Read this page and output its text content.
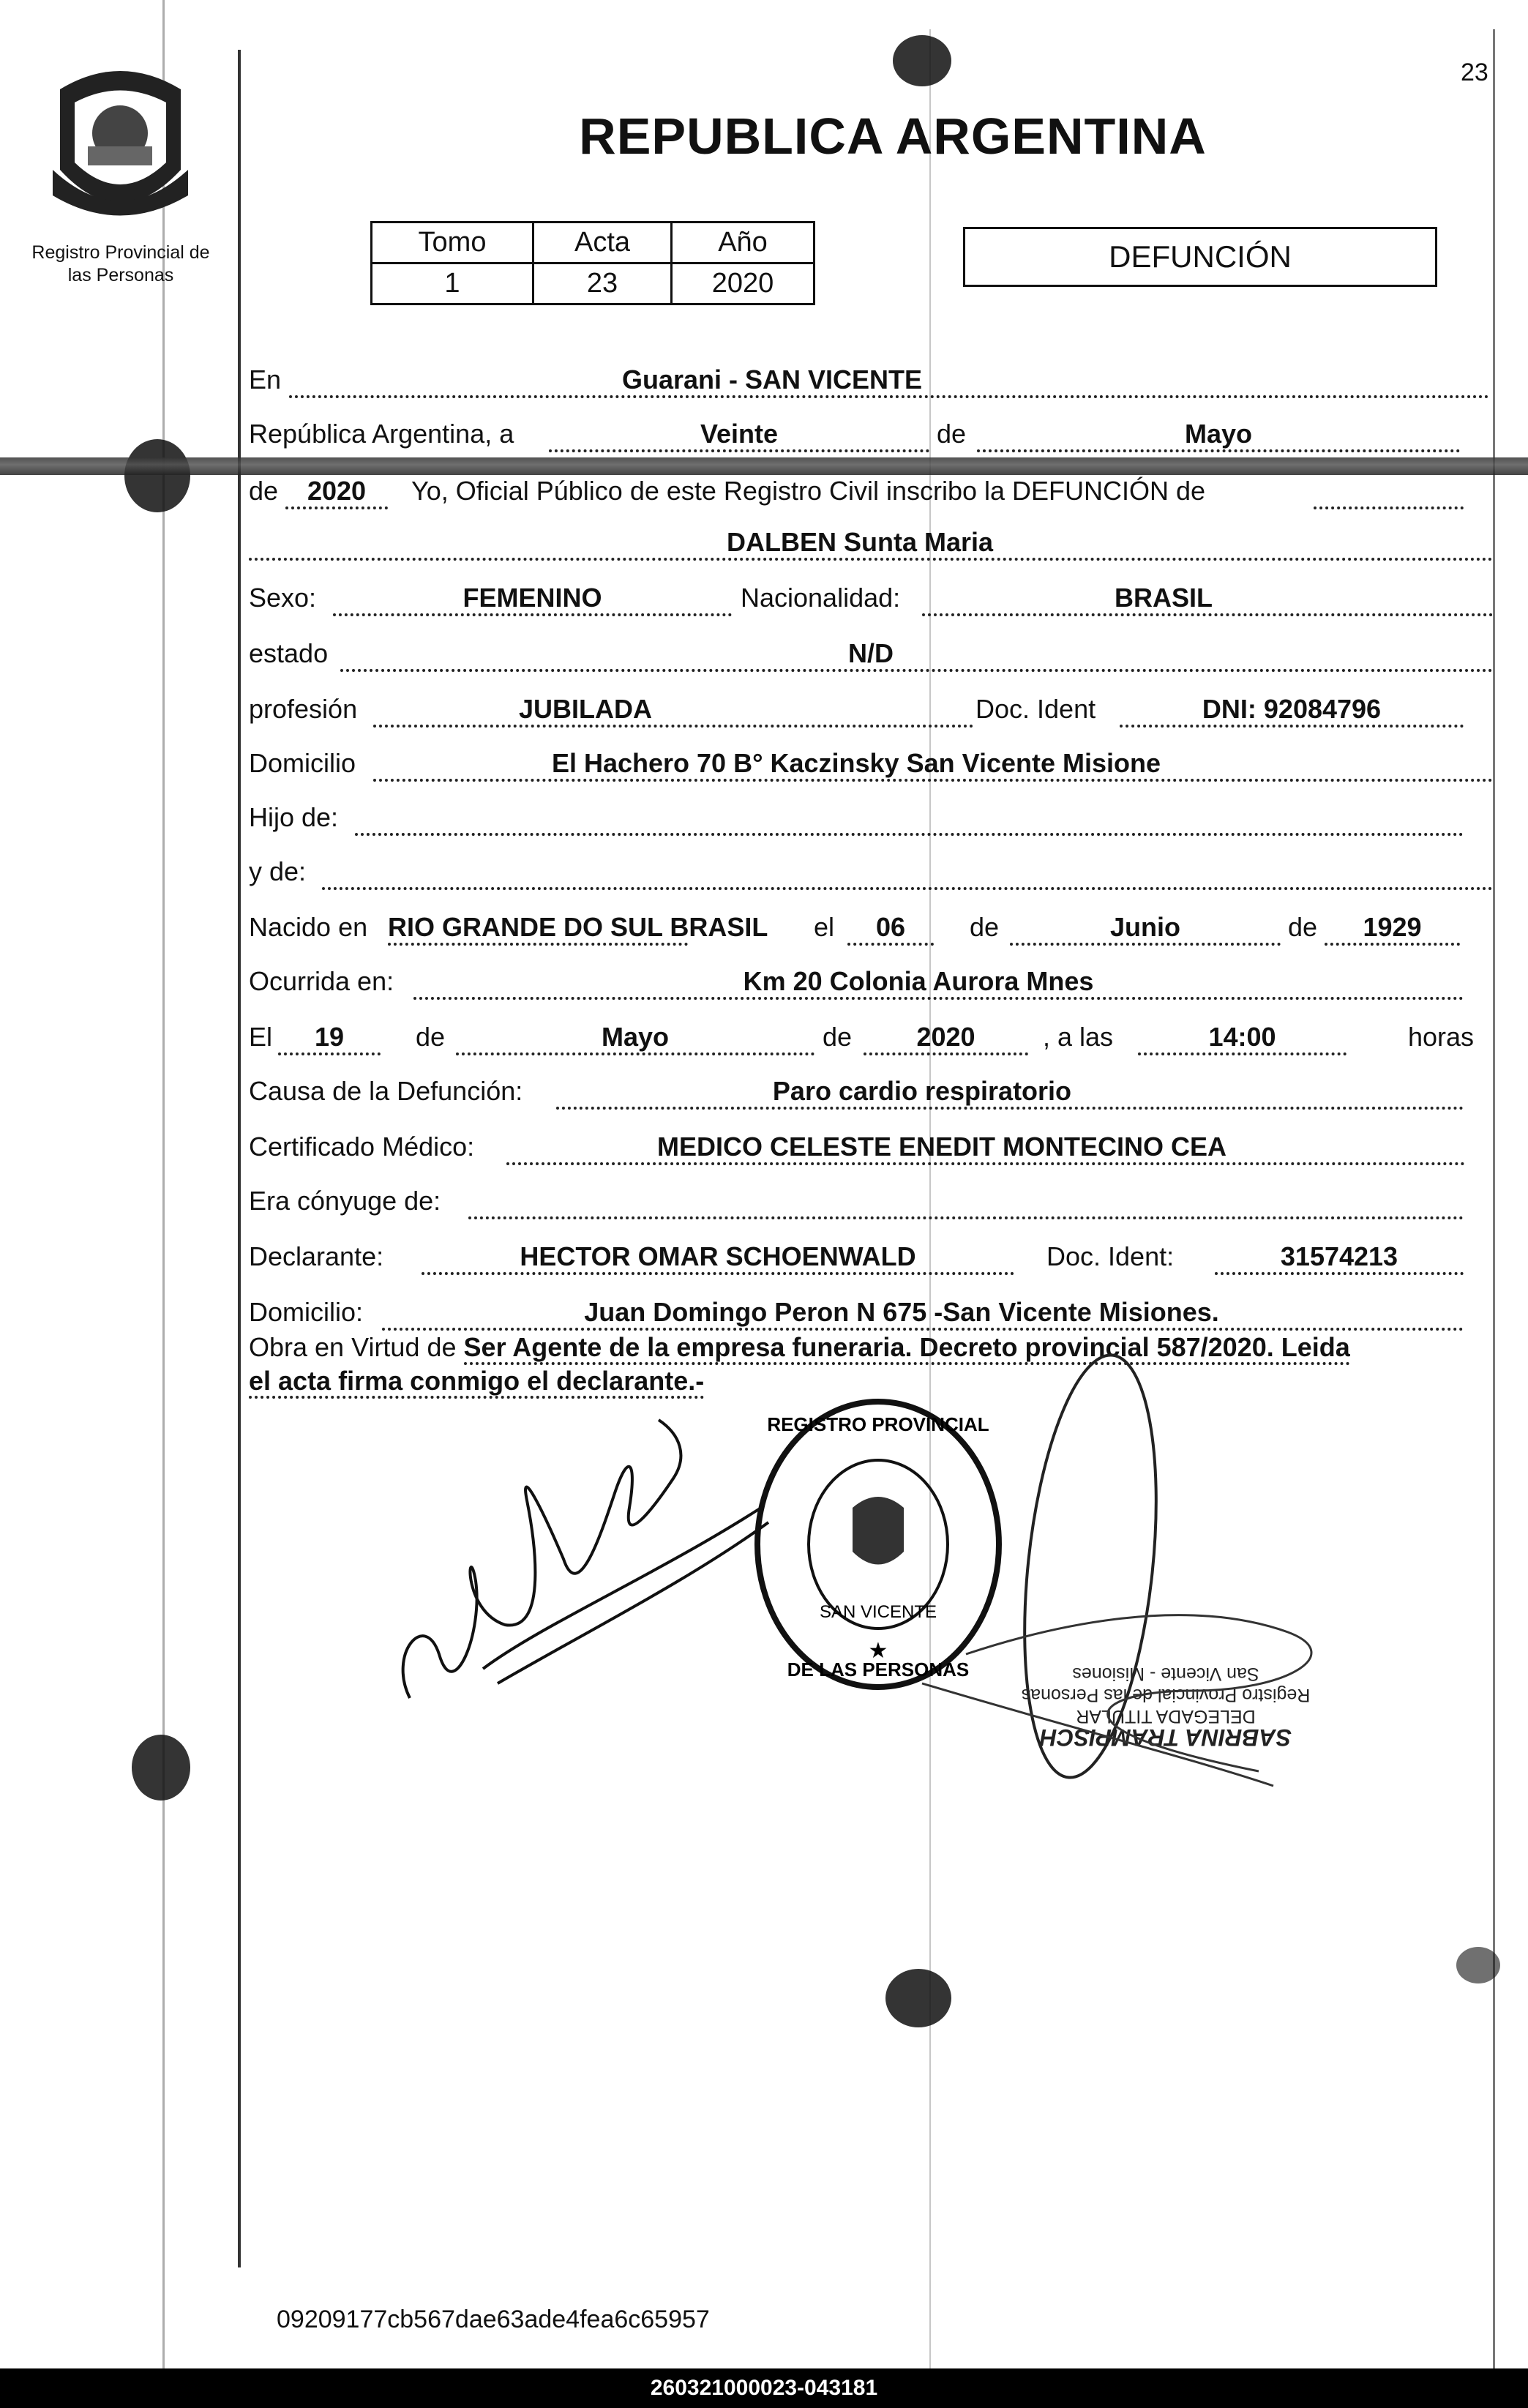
23
Registro Provincial de
las Personas
REPUBLICA ARGENTINA
Tomo	Acta	Año
1	23	2020
DEFUNCIÓN
En	Guarani - SAN VICENTE
República Argentina, a	Veinte	de	Mayo
de	2020	Yo, Oficial Público de este Registro Civil inscribo la DEFUNCIÓN de
DALBEN Sunta Maria
Sexo:	FEMENINO	Nacionalidad:	BRASIL
estado	N/D
profesión	JUBILADA	Doc. Ident	DNI: 92084796
Domicilio	El Hachero 70 B° Kaczinsky San Vicente Misione
Hijo de:
y de:
Nacido en RIO GRANDE DO SUL BRASIL el	06	de	Junio	de	1929
Ocurrida en:	Km 20 Colonia Aurora Mnes
El	19	de	Mayo	de	2020	, a las	14:00	horas
Causa de la Defunción:	Paro cardio respiratorio
Certificado Médico:	MEDICO CELESTE ENEDIT MONTECINO CEA
Era cónyuge de:
Declarante:	HECTOR OMAR SCHOENWALD	Doc. Ident:	31574213
Domicilio:	Juan Domingo Peron N 675 -San Vicente Misiones.
Obra en Virtud de Ser Agente de la empresa funeraria. Decreto provincial 587/2020. Leida
el acta firma conmigo el declarante.-
REGISTRO PROVINCIAL
DE LAS PERSONAS
SAN VICENTE
★
SABRINA TRAMPISCH
DELEGADA TITULAR
Registro Provincial de las Personas
San Vicente - Misiones
09209177cb567dae63ade4fea6c65957
260321000023-043181
